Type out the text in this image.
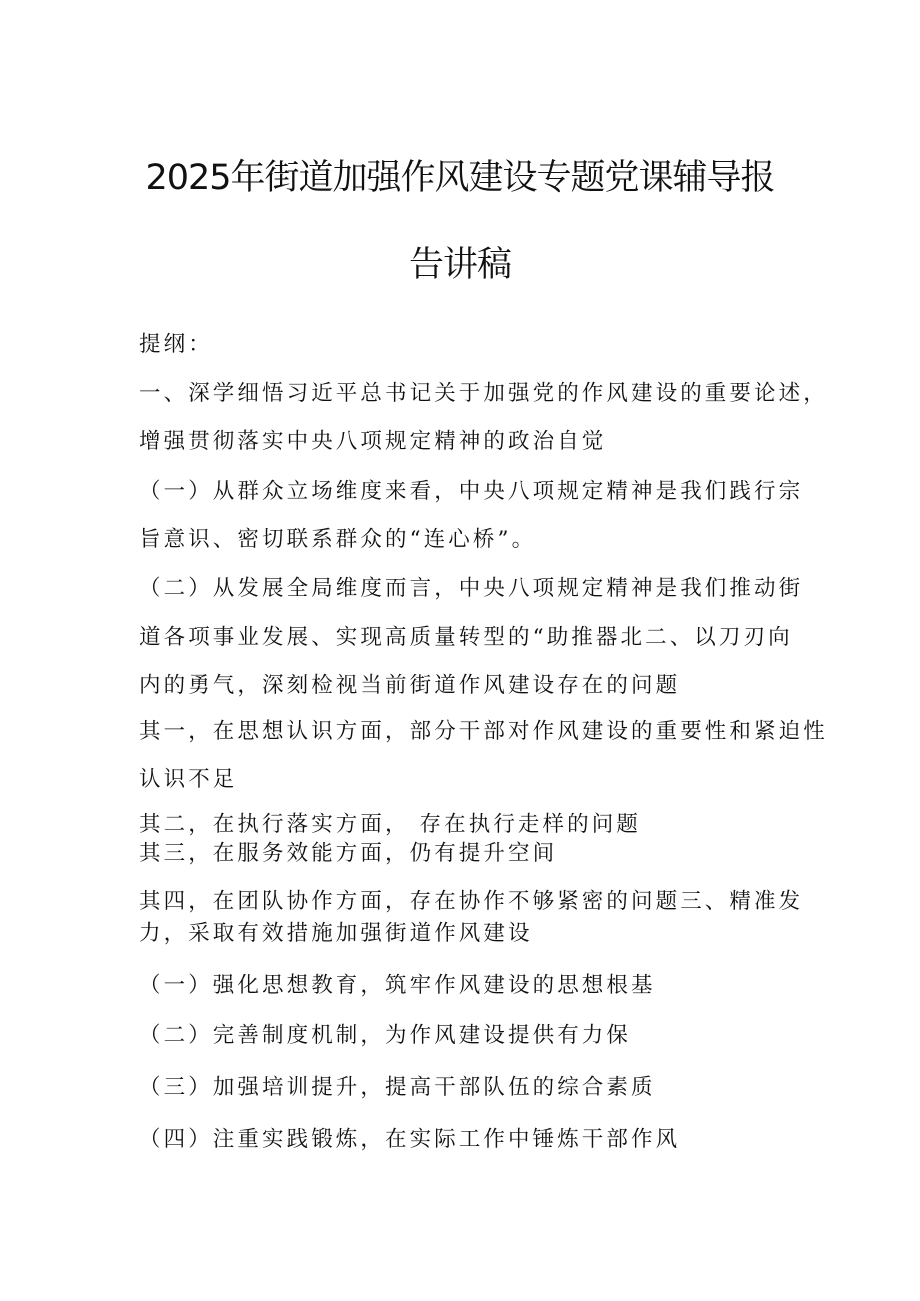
2025年街道加强作风建设专题党课辅导报
告讲稿

提纲：

一、深学细悟习近平总书记关于加强党的作风建设的重要论述，

增强贯彻落实中央八项规定精神的政治自觉

（一）从群众立场维度来看，中央八项规定精神是我们践行宗

旨意识、密切联系群众的“连心桥”。

（二）从发展全局维度而言，中央八项规定精神是我们推动街

道各项事业发展、实现高质量转型的“助推器北二、以刀刃向

内的勇气，深刻检视当前街道作风建设存在的问题

其一，在思想认识方面，部分干部对作风建设的重要性和紧迫性

认识不足

其二，在执行落实方面， 存在执行走样的问题

其三，在服务效能方面，仍有提升空间

其四，在团队协作方面，存在协作不够紧密的问题三、精准发

力，采取有效措施加强街道作风建设

（一）强化思想教育，筑牢作风建设的思想根基

（二）完善制度机制，为作风建设提供有力保

（三）加强培训提升，提高干部队伍的综合素质

（四）注重实践锻炼，在实际工作中锤炼干部作风
